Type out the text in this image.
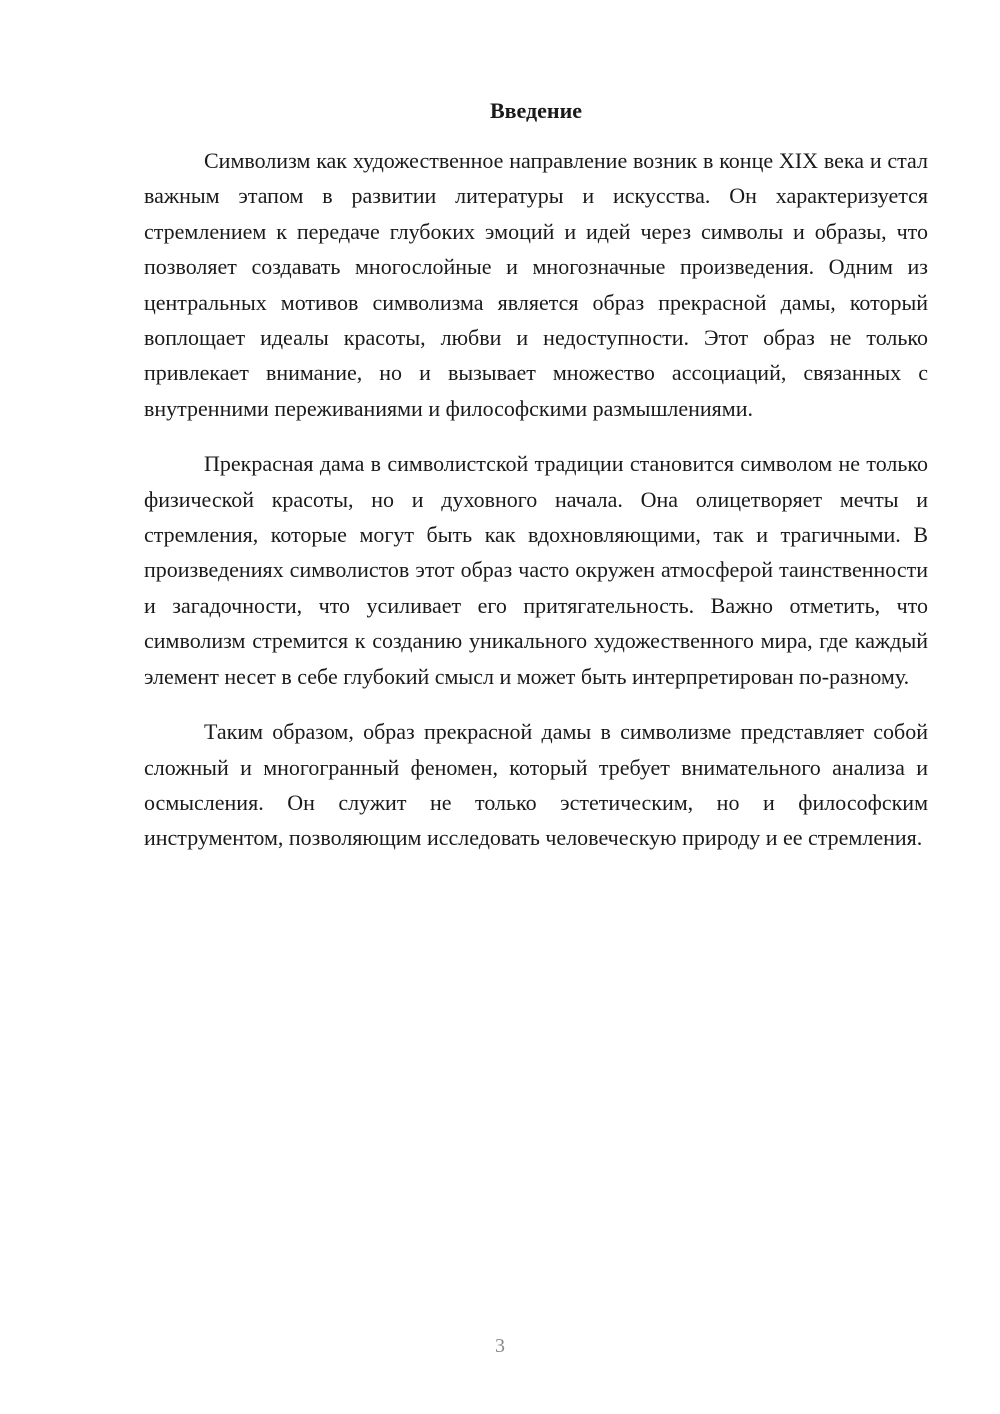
Введение

Символизм как художественное направление возник в конце XIX века и стал важным этапом в развитии литературы и искусства. Он характеризуется стремлением к передаче глубоких эмоций и идей через символы и образы, что позволяет создавать многослойные и многозначные произведения. Одним из центральных мотивов символизма является образ прекрасной дамы, который воплощает идеалы красоты, любви и недоступности. Этот образ не только привлекает внимание, но и вызывает множество ассоциаций, связанных с внутренними переживаниями и философскими размышлениями.

Прекрасная дама в символистской традиции становится символом не только физической красоты, но и духовного начала. Она олицетворяет мечты и стремления, которые могут быть как вдохновляющими, так и трагичными. В произведениях символистов этот образ часто окружен атмосферой таинственности и загадочности, что усиливает его притягательность. Важно отметить, что символизм стремится к созданию уникального художественного мира, где каждый элемент несет в себе глубокий смысл и может быть интерпретирован по-разному.

Таким образом, образ прекрасной дамы в символизме представляет собой сложный и многогранный феномен, который требует внимательного анализа и осмысления. Он служит не только эстетическим, но и философским инструментом, позволяющим исследовать человеческую природу и ее стремления.

3
